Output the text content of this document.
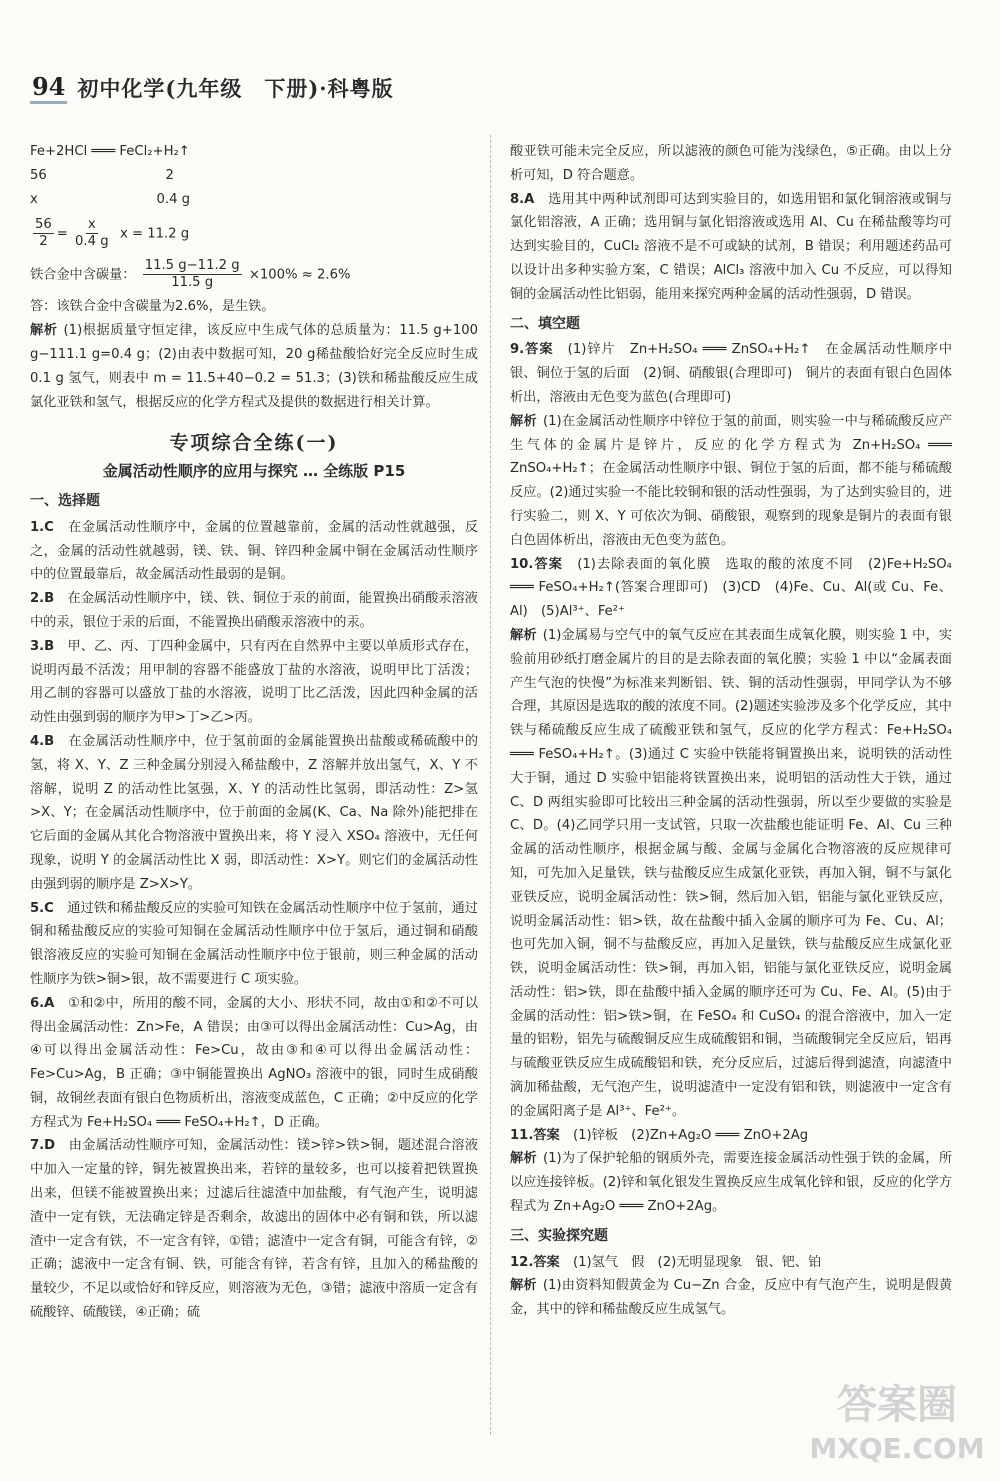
94 初中化学(九年级　下册)·科粤版

Fe+2HCl ═══ FeCl₂+H₂↑

56　　　　　　　　　2

x　　　　　　　　　0.4 g

$\frac{56}{2} = \frac{x}{0.4 g}$ x = 11.2 g

铁合金中含碳量： $\frac{11.5 g-11.2 g}{11.5 g} \times 100\% \approx 2.6\%$

答：该铁合金中含碳量为2.6%，是生铁。

解析 (1)根据质量守恒定律，该反应中生成气体的总质量为：11.5 g+100 g−111.1 g=0.4 g；(2)由表中数据可知，20 g稀盐酸恰好完全反应时生成 0.1 g 氢气，则表中 m = 11.5+40−0.2 = 51.3；(3)铁和稀盐酸反应生成氯化亚铁和氢气，根据反应的化学方程式及提供的数据进行相关计算。

专项综合全练(一)
金属活动性顺序的应用与探究 … 全练版 P15
一、选择题

1.C　 在金属活动性顺序中，金属的位置越靠前，金属的活动性就越强，反之，金属的活动性就越弱，镁、铁、铜、锌四种金属中铜在金属活动性顺序中的位置最靠后，故金属活动性最弱的是铜。

2.B　 在金属活动性顺序中，镁、铁、铜位于汞的前面，能置换出硝酸汞溶液中的汞，银位于汞的后面，不能置换出硝酸汞溶液中的汞。

3.B　 甲、乙、丙、丁四种金属中，只有丙在自然界中主要以单质形式存在，说明丙最不活泼；用甲制的容器不能盛放丁盐的水溶液，说明甲比丁活泼；用乙制的容器可以盛放丁盐的水溶液，说明丁比乙活泼，因此四种金属的活动性由强到弱的顺序为甲>丁>乙>丙。

4.B　 在金属活动性顺序中，位于氢前面的金属能置换出盐酸或稀硫酸中的氢，将 X、Y、Z 三种金属分别浸入稀盐酸中，Z 溶解并放出氢气，X、Y 不溶解，说明 Z 的活动性比氢强，X、Y 的活动性比氢弱，即活动性：Z>氢>X、Y；在金属活动性顺序中，位于前面的金属(K、Ca、Na 除外)能把排在它后面的金属从其化合物溶液中置换出来，将 Y 浸入 XSO₄ 溶液中，无任何现象，说明 Y 的金属活动性比 X 弱，即活动性：X>Y。则它们的金属活动性由强到弱的顺序是 Z>X>Y。

5.C　 通过铁和稀盐酸反应的实验可知铁在金属活动性顺序中位于氢前，通过铜和稀盐酸反应的实验可知铜在金属活动性顺序中位于氢后，通过铜和硝酸银溶液反应的实验可知铜在金属活动性顺序中位于银前，则三种金属的活动性顺序为铁>铜>银，故不需要进行 C 项实验。

6.A　 ①和②中，所用的酸不同，金属的大小、形状不同，故由①和②不可以得出金属活动性：Zn>Fe，A 错误；由③可以得出金属活动性：Cu>Ag，由④可以得出金属活动性：Fe>Cu，故由③和④可以得出金属活动性：Fe>Cu>Ag，B 正确；③中铜能置换出 AgNO₃ 溶液中的银，同时生成硝酸铜，故铜丝表面有银白色物质析出，溶液变成蓝色，C 正确；②中反应的化学方程式为 Fe+H₂SO₄ ═══ FeSO₄+H₂↑，D 正确。

7.D　 由金属活动性顺序可知，金属活动性：镁>锌>铁>铜，题述混合溶液中加入一定量的锌，铜先被置换出来，若锌的量较多，也可以接着把铁置换出来，但镁不能被置换出来；过滤后往滤渣中加盐酸，有气泡产生，说明滤渣中一定有铁，无法确定锌是否剩余，故滤出的固体中必有铜和铁，所以滤渣中一定含有铁，不一定含有锌，①错；滤渣中一定含有铜，可能含有锌，②正确；滤液中一定含有铜、铁，可能含有锌，若含有锌，且加入的稀盐酸的量较少，不足以或恰好和锌反应，则溶液为无色，③错；滤液中溶质一定含有硫酸锌、硫酸镁，④正确；硫

酸亚铁可能未完全反应，所以滤液的颜色可能为浅绿色，⑤正确。由以上分析可知，D 符合题意。

8.A　 选用其中两种试剂即可达到实验目的，如选用铝和氯化铜溶液或铜与氯化铝溶液，A 正确；选用铜与氯化铝溶液或选用 Al、Cu 在稀盐酸等均可达到实验目的，CuCl₂ 溶液不是不可或缺的试剂，B 错误；利用题述药品可以设计出多种实验方案，C 错误；AlCl₃ 溶液中加入 Cu 不反应，可以得知铜的金属活动性比铝弱，能用来探究两种金属的活动性强弱，D 错误。

二、填空题

9.答案　 (1)锌片　Zn+H₂SO₄ ═══ ZnSO₄+H₂↑　在金属活动性顺序中银、铜位于氢的后面　(2)铜、硝酸银(合理即可)　铜片的表面有银白色固体析出，溶液由无色变为蓝色(合理即可)

解析 (1)在金属活动性顺序中锌位于氢的前面，则实验一中与稀硫酸反应产生气体的金属片是锌片，反应的化学方程式为 Zn+H₂SO₄ ═══ ZnSO₄+H₂↑；在金属活动性顺序中银、铜位于氢的后面，都不能与稀硫酸反应。(2)通过实验一不能比较铜和银的活动性强弱，为了达到实验目的，进行实验二，则 X、Y 可依次为铜、硝酸银，观察到的现象是铜片的表面有银白色固体析出，溶液由无色变为蓝色。

10.答案　 (1)去除表面的氧化膜　选取的酸的浓度不同　(2)Fe+H₂SO₄ ═══ FeSO₄+H₂↑(答案合理即可)　(3)CD　(4)Fe、Cu、Al(或 Cu、Fe、Al)　(5)Al³⁺、Fe²⁺

解析 (1)金属易与空气中的氧气反应在其表面生成氧化膜，则实验 1 中，实验前用砂纸打磨金属片的目的是去除表面的氧化膜；实验 1 中以“金属表面产生气泡的快慢”为标准来判断铝、铁、铜的活动性强弱，甲同学认为不够合理，其原因是选取的酸的浓度不同。(2)题述实验涉及多个化学反应，其中铁与稀硫酸反应生成了硫酸亚铁和氢气，反应的化学方程式：Fe+H₂SO₄ ═══ FeSO₄+H₂↑。(3)通过 C 实验中铁能将铜置换出来，说明铁的活动性大于铜，通过 D 实验中铝能将铁置换出来，说明铝的活动性大于铁，通过 C、D 两组实验即可比较出三种金属的活动性强弱，所以至少要做的实验是 C、D。(4)乙同学只用一支试管，只取一次盐酸也能证明 Fe、Al、Cu 三种金属的活动性顺序，根据金属与酸、金属与金属化合物溶液的反应规律可知，可先加入足量铁，铁与盐酸反应生成氯化亚铁，再加入铜，铜不与氯化亚铁反应，说明金属活动性：铁>铜，然后加入铝，铝能与氯化亚铁反应，说明金属活动性：铝>铁，故在盐酸中插入金属的顺序可为 Fe、Cu、Al；也可先加入铜，铜不与盐酸反应，再加入足量铁，铁与盐酸反应生成氯化亚铁，说明金属活动性：铁>铜，再加入铝，铝能与氯化亚铁反应，说明金属活动性：铝>铁，即在盐酸中插入金属的顺序还可为 Cu、Fe、Al。(5)由于金属的活动性：铝>铁>铜，在 FeSO₄ 和 CuSO₄ 的混合溶液中，加入一定量的铝粉，铝先与硫酸铜反应生成硫酸铝和铜，当硫酸铜完全反应后，铝再与硫酸亚铁反应生成硫酸铝和铁，充分反应后，过滤后得到滤渣，向滤渣中滴加稀盐酸，无气泡产生，说明滤渣中一定没有铝和铁，则滤液中一定含有的金属阳离子是 Al³⁺、Fe²⁺。

11.答案　 (1)锌板　(2)Zn+Ag₂O ═══ ZnO+2Ag

解析 (1)为了保护轮船的钢质外壳，需要连接金属活动性强于铁的金属，所以应连接锌板。(2)锌和氧化银发生置换反应生成氧化锌和银，反应的化学方程式为 Zn+Ag₂O ═══ ZnO+2Ag。

三、实验探究题

12.答案　 (1)氢气　假　(2)无明显现象　银、钯、铂

解析 (1)由资料知假黄金为 Cu−Zn 合金，反应中有气泡产生，说明是假黄金，其中的锌和稀盐酸反应生成氢气。

答案圈
MXQE.COM
